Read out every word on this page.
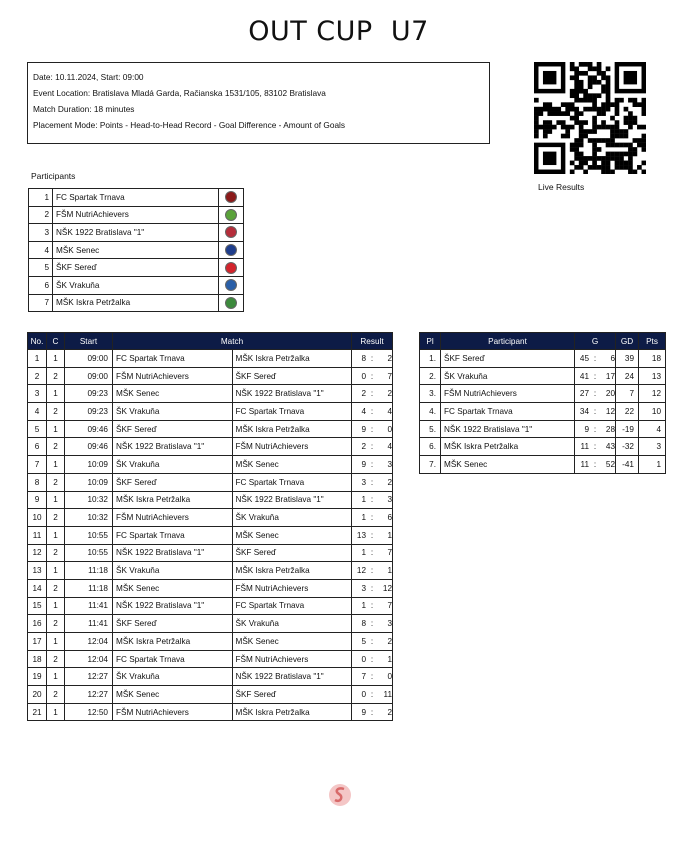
OUT CUP  U7
Date: 10.11.2024, Start: 09:00
Event Location: Bratislava Mladá Garda, Račianska 1531/105, 83102 Bratislava
Match Duration: 18 minutes
Placement Mode: Points - Head-to-Head Record - Goal Difference - Amount of Goals
Live Results
Participants
1	FC Spartak Trnava	
2	FŠM NutriAchievers	
3	NŠK 1922 Bratislava "1"	
4	MŠK Senec	
5	ŠKF Sereď	
6	ŠK Vrakuňa	
7	MŠK Iskra Petržalka	
No.	C	Start	Match		Result
1	1	09:00	FC Spartak Trnava	MŠK Iskra Petržalka	8 : 2
2	2	09:00	FŠM NutriAchievers	ŠKF Sereď	0 : 7
3	1	09:23	MŠK Senec	NŠK 1922 Bratislava "1"	2 : 2
4	2	09:23	ŠK Vrakuňa	FC Spartak Trnava	4 : 4
5	1	09:46	ŠKF Sereď	MŠK Iskra Petržalka	9 : 0
6	2	09:46	NŠK 1922 Bratislava "1"	FŠM NutriAchievers	2 : 4
7	1	10:09	ŠK Vrakuňa	MŠK Senec	9 : 3
8	2	10:09	ŠKF Sereď	FC Spartak Trnava	3 : 2
9	1	10:32	MŠK Iskra Petržalka	NŠK 1922 Bratislava "1"	1 : 3
10	2	10:32	FŠM NutriAchievers	ŠK Vrakuňa	1 : 6
11	1	10:55	FC Spartak Trnava	MŠK Senec	13 : 1
12	2	10:55	NŠK 1922 Bratislava "1"	ŠKF Sereď	1 : 7
13	1	11:18	ŠK Vrakuňa	MŠK Iskra Petržalka	12 : 1
14	2	11:18	MŠK Senec	FŠM NutriAchievers	3 : 12
15	1	11:41	NŠK 1922 Bratislava "1"	FC Spartak Trnava	1 : 7
16	2	11:41	ŠKF Sereď	ŠK Vrakuňa	8 : 3
17	1	12:04	MŠK Iskra Petržalka	MŠK Senec	5 : 2
18	2	12:04	FC Spartak Trnava	FŠM NutriAchievers	0 : 1
19	1	12:27	ŠK Vrakuňa	NŠK 1922 Bratislava "1"	7 : 0
20	2	12:27	MŠK Senec	ŠKF Sereď	0 : 11
21	1	12:50	FŠM NutriAchievers	MŠK Iskra Petržalka	9 : 2
Pl	Participant	G	GD	Pts
1.	ŠKF Sereď	45 : 6	39	18
2.	ŠK Vrakuňa	41 : 17	24	13
3.	FŠM NutriAchievers	27 : 20	7	12
4.	FC Spartak Trnava	34 : 12	22	10
5.	NŠK 1922 Bratislava "1"	9 : 28	-19	4
6.	MŠK Iskra Petržalka	11 : 43	-32	3
7.	MŠK Senec	11 : 52	-41	1
